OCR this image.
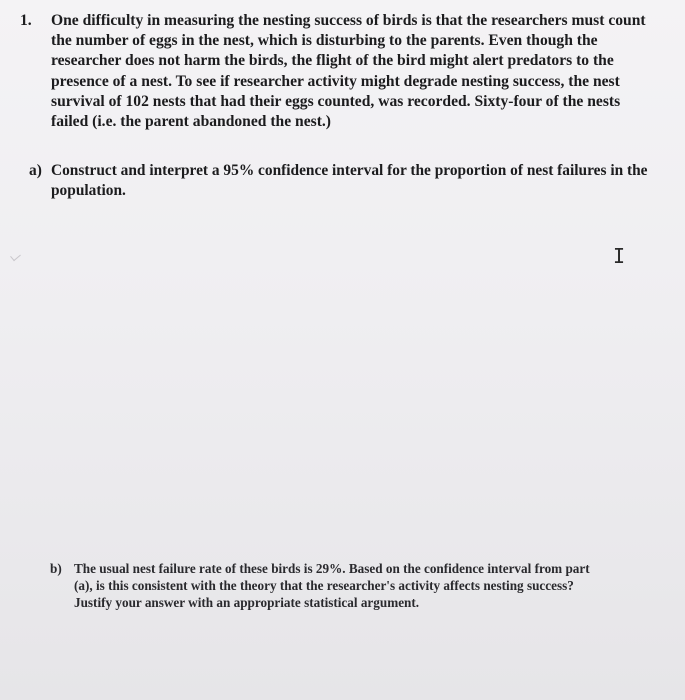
1. One difficulty in measuring the nesting success of birds is that the researchers must count the number of eggs in the nest, which is disturbing to the parents. Even though the researcher does not harm the birds, the flight of the bird might alert predators to the presence of a nest. To see if researcher activity might degrade nesting success, the nest survival of 102 nests that had their eggs counted, was recorded. Sixty-four of the nests failed (i.e. the parent abandoned the nest.)
a) Construct and interpret a 95% confidence interval for the proportion of nest failures in the population.
I
b) The usual nest failure rate of these birds is 29%. Based on the confidence interval from part (a), is this consistent with the theory that the researcher's activity affects nesting success? Justify your answer with an appropriate statistical argument.
